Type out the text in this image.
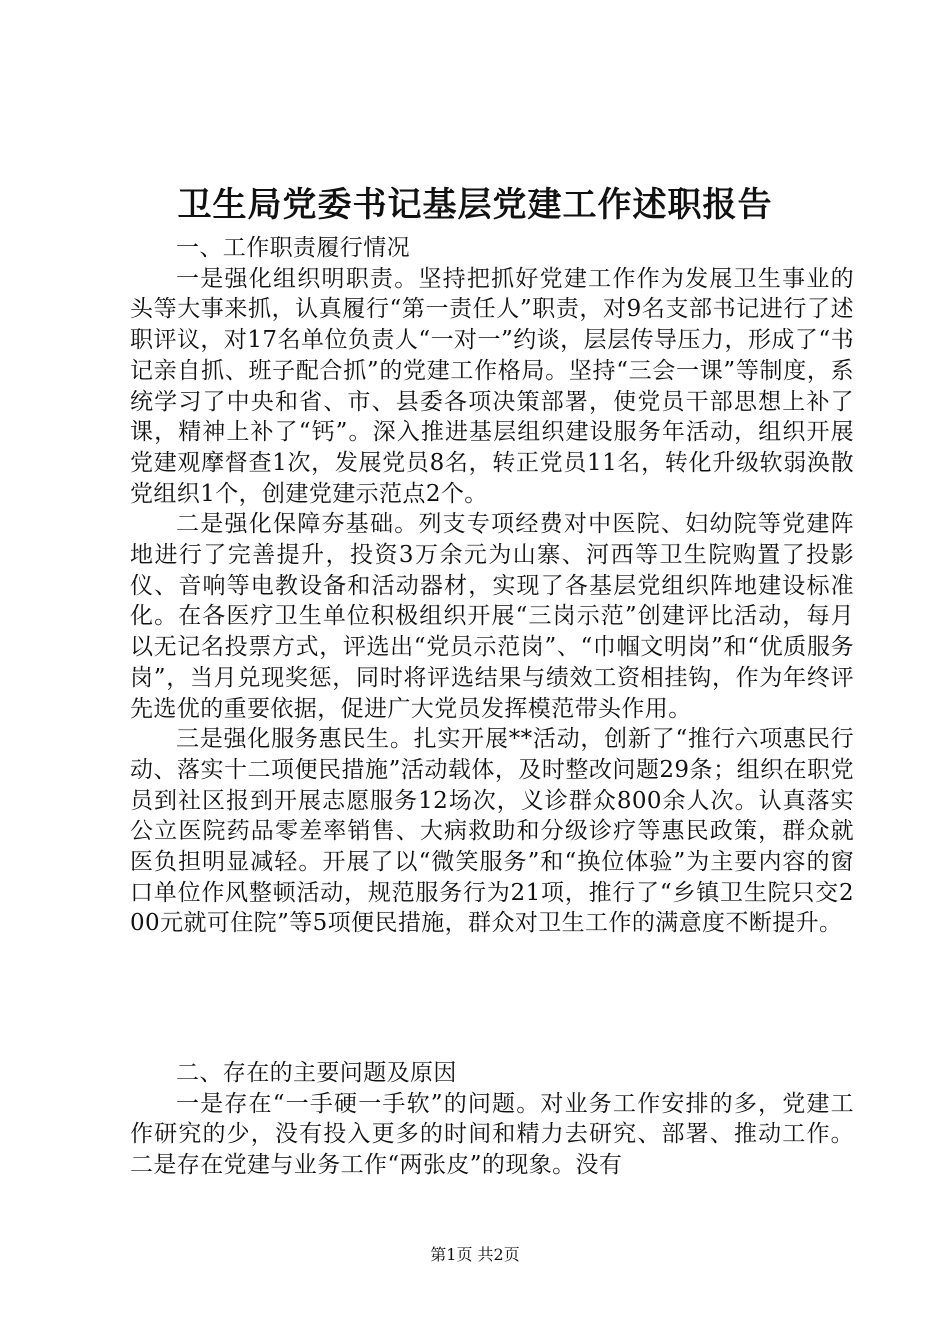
卫生局党委书记基层党建工作述职报告

一、工作职责履行情况

一是强化组织明职责。坚持把抓好党建工作作为发展卫生事业的头等大事来抓，认真履行“第一责任人”职责，对9名支部书记进行了述职评议，对17名单位负责人“一对一”约谈，层层传导压力，形成了“书记亲自抓、班子配合抓”的党建工作格局。坚持“三会一课”等制度，系统学习了中央和省、市、县委各项决策部署，使党员干部思想上补了课，精神上补了“钙”。深入推进基层组织建设服务年活动，组织开展党建观摩督查1次，发展党员8名，转正党员11名，转化升级软弱涣散党组织1个，创建党建示范点2个。

二是强化保障夯基础。列支专项经费对中医院、妇幼院等党建阵地进行了完善提升，投资3万余元为山寨、河西等卫生院购置了投影仪、音响等电教设备和活动器材，实现了各基层党组织阵地建设标准化。在各医疗卫生单位积极组织开展“三岗示范”创建评比活动，每月以无记名投票方式，评选出“党员示范岗”、“巾帼文明岗”和“优质服务岗”，当月兑现奖惩，同时将评选结果与绩效工资相挂钩，作为年终评先选优的重要依据，促进广大党员发挥模范带头作用。

三是强化服务惠民生。扎实开展**活动，创新了“推行六项惠民行动、落实十二项便民措施”活动载体，及时整改问题29条；组织在职党员到社区报到开展志愿服务12场次，义诊群众800余人次。认真落实公立医院药品零差率销售、大病救助和分级诊疗等惠民政策，群众就医负担明显减轻。开展了以“微笑服务”和“换位体验”为主要内容的窗口单位作风整顿活动，规范服务行为21项，推行了“乡镇卫生院只交200元就可住院”等5项便民措施，群众对卫生工作的满意度不断提升。

二、存在的主要问题及原因

一是存在“一手硬一手软”的问题。对业务工作安排的多，党建工作研究的少，没有投入更多的时间和精力去研究、部署、推动工作。二是存在党建与业务工作“两张皮”的现象。没有

第1页 共2页
